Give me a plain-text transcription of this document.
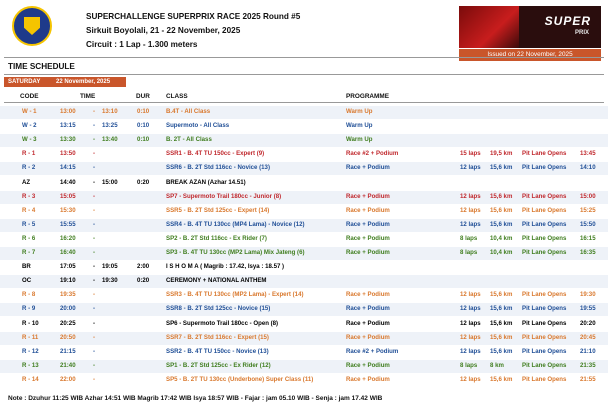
SUPERCHALLENGE SUPERPRIX RACE 2025 Round #5
Sirkuit Boyolali, 21 - 22 November, 2025
Circuit : 1 Lap - 1.300 meters
SUPER
PRIX
Issued on 22 November, 2025
TIME SCHEDULE
SATURDAY	22 November, 2025
CODE	TIME	DUR	CLASS	PROGRAMME
W - 1	13:00	- 13:10	0:10	B.4T - All Class	Warm Up
W - 2	13:15	- 13:25	0:10	Supermoto - All Class	Warm Up
W - 3	13:30	- 13:40	0:10	B. 2T - All Class	Warm Up
R - 1	13:50	-	SSR1 - B. 4T TU 150cc - Expert (9)	Race #2 + Podium	15 laps 19,5 km Pit Lane Opens 13:45
R - 2	14:15	-	SSR6 - B. 2T Std 116cc - Novice (13)	Race + Podium	12 laps 15,6 km Pit Lane Opens 14:10
AZ	14:40	- 15:00	0:20	BREAK AZAN (Azhar 14.51)
R - 3	15:05	-	SP7 - Supermoto Trail 180cc - Junior (8)	Race + Podium	12 laps 15,6 km Pit Lane Opens 15:00
R - 4	15:30	-	SSR5 - B. 2T Std 125cc - Expert (14)	Race + Podium	12 laps 15,6 km Pit Lane Opens 15:25
R - 5	15:55	-	SSR4 - B. 4T TU 130cc (MP4 Lama) - Novice (12)	Race + Podium	12 laps 15,6 km Pit Lane Opens 15:50
R - 6	16:20	-	SP2 - B. 2T Std 116cc - Ex Rider (7)	Race + Podium	8 laps 10,4 km Pit Lane Opens 16:15
R - 7	16:40	-	SP3 - B. 4T TU 130cc (MP2 Lama) Mix Jateng (6)	Race + Podium	8 laps 10,4 km Pit Lane Opens 16:35
BR	17:05	- 19:05	2:00	I S H O M A ( Magrib : 17.42, Isya : 18.57 )
OC	19:10	- 19:30	0:20	CEREMONY + NATIONAL ANTHEM
R - 8	19:35	-	SSR3 - B. 4T TU 130cc (MP2 Lama) - Expert (14)	Race + Podium	12 laps 15,6 km Pit Lane Opens 19:30
R - 9	20:00	-	SSR8 - B. 2T Std 125cc - Novice (15)	Race + Podium	12 laps 15,6 km Pit Lane Opens 19:55
R - 10	20:25	-	SP6 - Supermoto Trail 180cc - Open (8)	Race + Podium	12 laps 15,6 km Pit Lane Opens 20:20
R - 11	20:50	-	SSR7 - B. 2T Std 116cc - Expert (15)	Race + Podium	12 laps 15,6 km Pit Lane Opens 20:45
R - 12	21:15	-	SSR2 - B. 4T TU 150cc - Novice (13)	Race #2 + Podium	12 laps 15,6 km Pit Lane Opens 21:10
R - 13	21:40	-	SP1 - B. 2T Std 125cc - Ex Rider (12)	Race + Podium	8 laps 8 km	Pit Lane Opens 21:35
R - 14	22:00	-	SP5 - B. 2T TU 130cc (Underbone) Super Class (11)	Race + Podium	12 laps 15,6 km Pit Lane Opens 21:55
Note : Dzuhur 11:25 WIB Azhar 14:51 WIB Magrib 17:42 WIB Isya 18:57 WIB - Fajar : jam 05.10 WIB - Senja : jam 17.42 WIB
